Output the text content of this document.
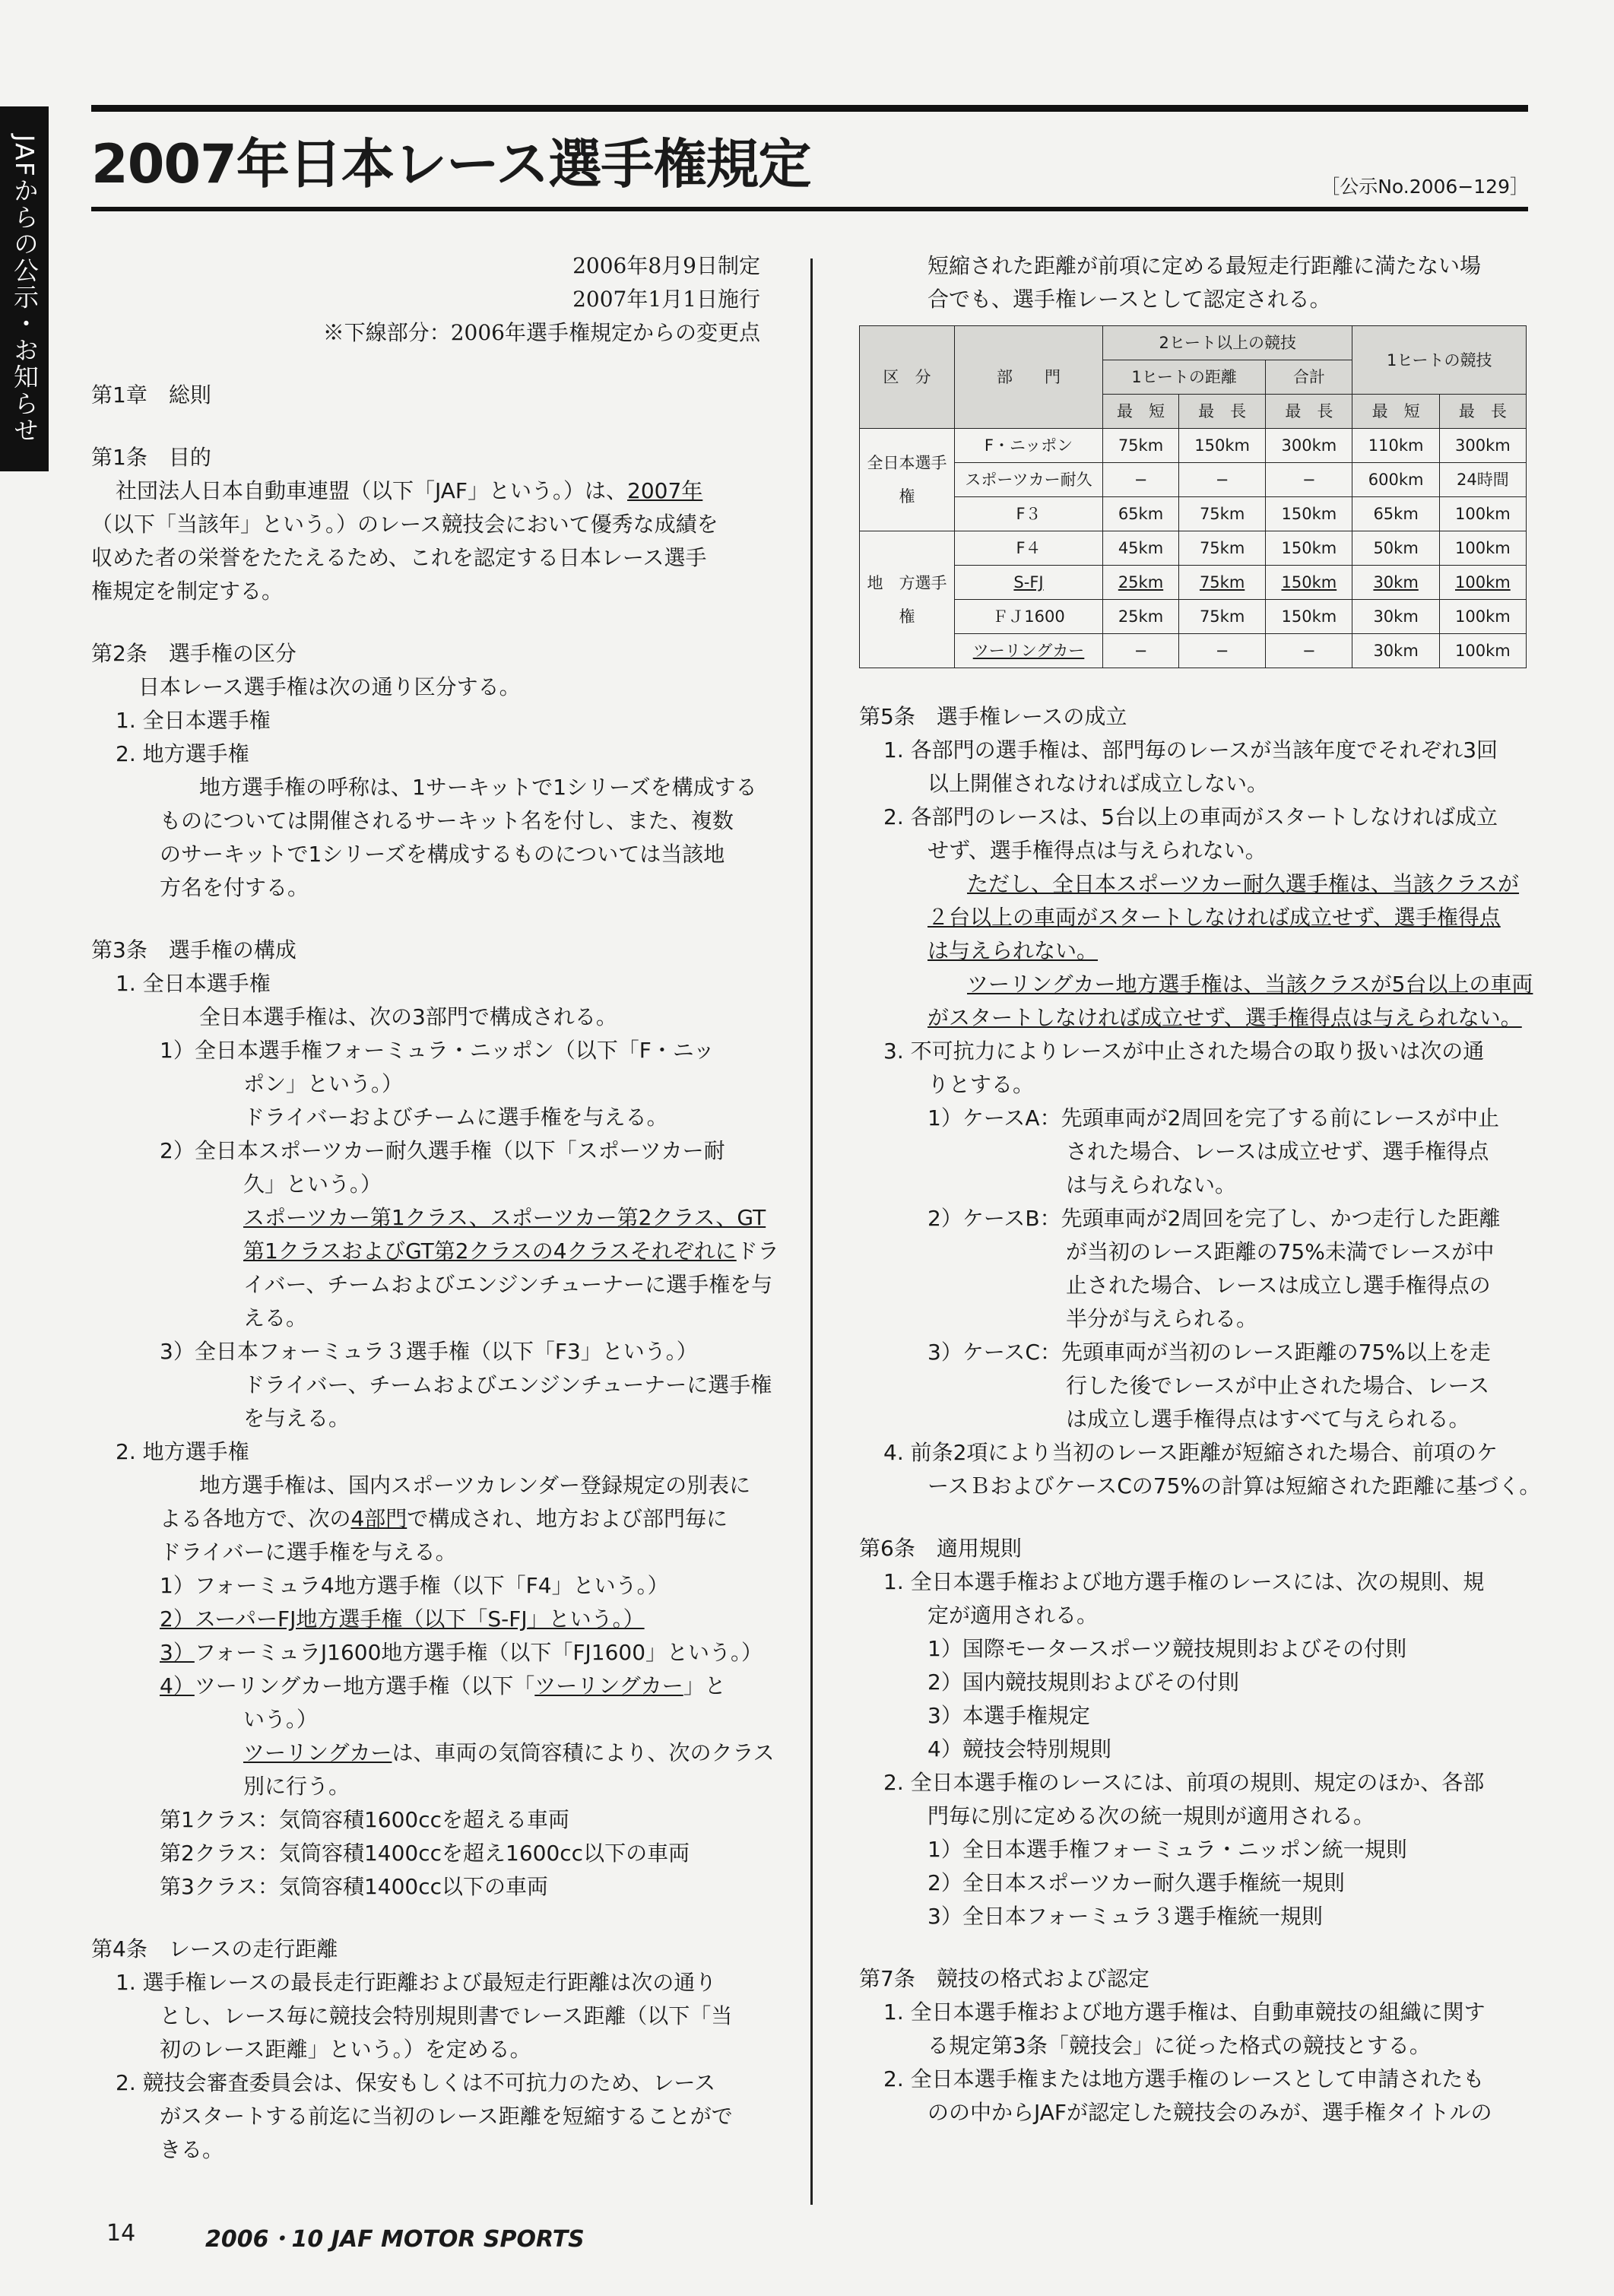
JAFからの公示・お知らせ 2007年日本レース選手権規定	［公示No.2006−129］
2006年8月9日制定
2007年1月1日施行
※下線部分：2006年選手権規定からの変更点
第1章　総則
第1条　目的
社団法人日本自動車連盟（以下「JAF」という。）は、2007年
（以下「当該年」という。）のレース競技会において優秀な成績を
収めた者の栄誉をたたえるため、これを認定する日本レース選手
権規定を制定する。
第2条　選手権の区分
日本レース選手権は次の通り区分する。
1. 全日本選手権
2. 地方選手権
地方選手権の呼称は、1サーキットで1シリーズを構成する
ものについては開催されるサーキット名を付し、また、複数
のサーキットで1シリーズを構成するものについては当該地
方名を付する。
第3条　選手権の構成
1. 全日本選手権
全日本選手権は、次の3部門で構成される。
1）全日本選手権フォーミュラ・ニッポン（以下「F・ニッ
ポン」という。）
ドライバーおよびチームに選手権を与える。
2）全日本スポーツカー耐久選手権（以下「スポーツカー耐
久」という。）
スポーツカー第1クラス、スポーツカー第2クラス、GT
第1クラスおよびGT第2クラスの4クラスそれぞれにドラ
イバー、チームおよびエンジンチューナーに選手権を与
える。
3）全日本フォーミュラ３選手権（以下「F3」という。）
ドライバー、チームおよびエンジンチューナーに選手権
を与える。
2. 地方選手権
地方選手権は、国内スポーツカレンダー登録規定の別表に
よる各地方で、次の4部門で構成され、地方および部門毎に
ドライバーに選手権を与える。
1）フォーミュラ4地方選手権（以下「F4」という。）
2）スーパーFJ地方選手権（以下「S-FJ」という。）
3）フォーミュラJ1600地方選手権（以下「FJ1600」という。）
4）ツーリングカー地方選手権（以下「ツーリングカー」と
いう。）
ツーリングカーは、車両の気筒容積により、次のクラス
別に行う。
第1クラス：気筒容積1600ccを超える車両
第2クラス：気筒容積1400ccを超え1600cc以下の車両
第3クラス：気筒容積1400cc以下の車両
第4条　レースの走行距離
1. 選手権レースの最長走行距離および最短走行距離は次の通り
とし、レース毎に競技会特別規則書でレース距離（以下「当
初のレース距離」という。）を定める。
2. 競技会審査委員会は、保安もしくは不可抗力のため、レース
がスタートする前迄に当初のレース距離を短縮することがで
きる。
短縮された距離が前項に定める最短走行距離に満たない場
合でも、選手権レースとして認定される。
区　分	部　　門	2ヒート以上の競技			1ヒートの競技	
		1ヒートの距離		合計		
		最　短	最　長	最　長	最　短	最　長
全日本選手権	F・ニッポン	75km	150km	300km	110km	300km
	スポーツカー耐久	−	−	−	600km	24時間
	F３	65km	75km	150km	65km	100km
地　方選手権	F４	45km	75km	150km	50km	100km
	S-FJ	25km	75km	150km	30km	100km
	ＦＪ1600	25km	75km	150km	30km	100km
	ツーリングカー	−	−	−	30km	100km
第5条　選手権レースの成立
1. 各部門の選手権は、部門毎のレースが当該年度でそれぞれ3回
以上開催されなければ成立しない。
2. 各部門のレースは、5台以上の車両がスタートしなければ成立
せず、選手権得点は与えられない。
ただし、全日本スポーツカー耐久選手権は、当該クラスが
２台以上の車両がスタートしなければ成立せず、選手権得点
は与えられない。
ツーリングカー地方選手権は、当該クラスが5台以上の車両
がスタートしなければ成立せず、選手権得点は与えられない。
3. 不可抗力によりレースが中止された場合の取り扱いは次の通
りとする。
1）ケースA：先頭車両が2周回を完了する前にレースが中止
された場合、レースは成立せず、選手権得点
は与えられない。
2）ケースB：先頭車両が2周回を完了し、かつ走行した距離
が当初のレース距離の75%未満でレースが中
止された場合、レースは成立し選手権得点の
半分が与えられる。
3）ケースC：先頭車両が当初のレース距離の75%以上を走
行した後でレースが中止された場合、レース
は成立し選手権得点はすべて与えられる。
4. 前条2項により当初のレース距離が短縮された場合、前項のケ
ースＢおよびケースCの75%の計算は短縮された距離に基づく。
第6条　適用規則
1. 全日本選手権および地方選手権のレースには、次の規則、規
定が適用される。
1）国際モータースポーツ競技規則およびその付則
2）国内競技規則およびその付則
3）本選手権規定
4）競技会特別規則
2. 全日本選手権のレースには、前項の規則、規定のほか、各部
門毎に別に定める次の統一規則が適用される。
1）全日本選手権フォーミュラ・ニッポン統一規則
2）全日本スポーツカー耐久選手権統一規則
3）全日本フォーミュラ３選手権統一規則
第7条　競技の格式および認定
1. 全日本選手権および地方選手権は、自動車競技の組織に関す
る規定第3条「競技会」に従った格式の競技とする。
2. 全日本選手権または地方選手権のレースとして申請されたも
のの中からJAFが認定した競技会のみが、選手権タイトルの
14	2006・10 JAF MOTOR SPORTS
